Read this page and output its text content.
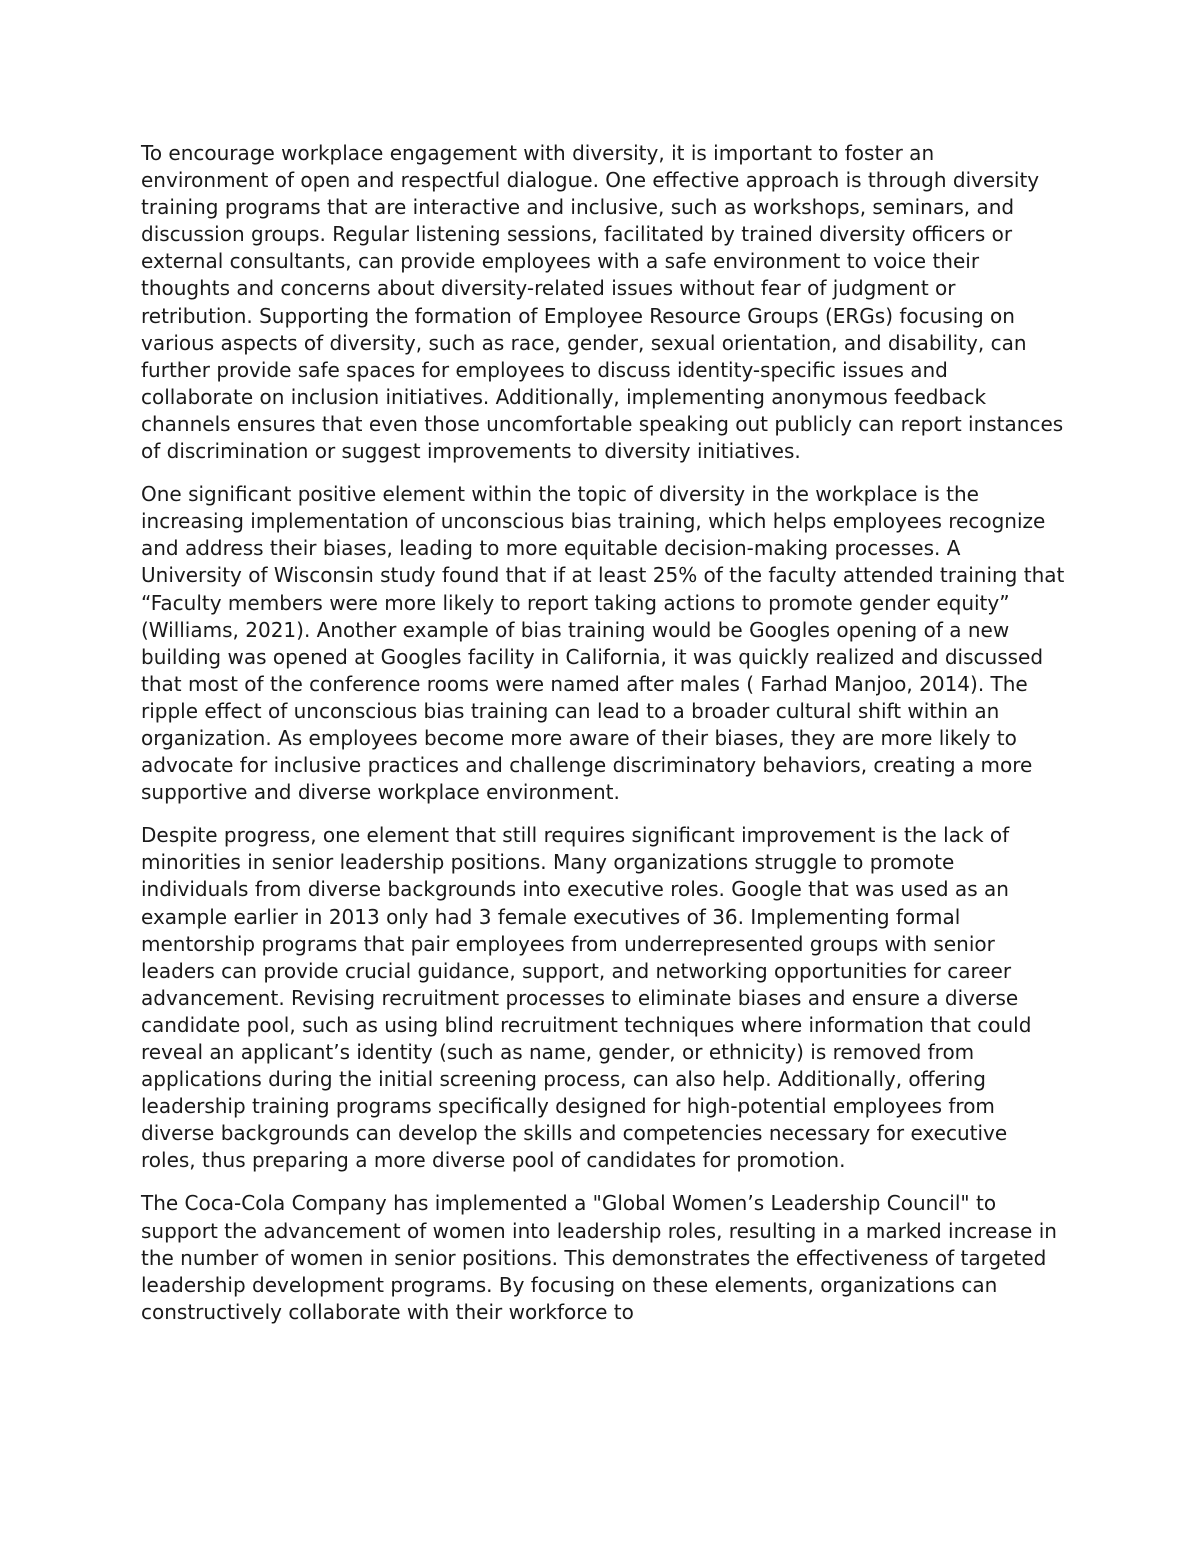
To encourage workplace engagement with diversity, it is important to foster an environment of open and respectful dialogue. One effective approach is through diversity training programs that are interactive and inclusive, such as workshops, seminars, and discussion groups. Regular listening sessions, facilitated by trained diversity officers or external consultants, can provide employees with a safe environment to voice their thoughts and concerns about diversity-related issues without fear of judgment or retribution. Supporting the formation of Employee Resource Groups (ERGs) focusing on various aspects of diversity, such as race, gender, sexual orientation, and disability, can further provide safe spaces for employees to discuss identity-specific issues and collaborate on inclusion initiatives. Additionally, implementing anonymous feedback channels ensures that even those uncomfortable speaking out publicly can report instances of discrimination or suggest improvements to diversity initiatives.

One significant positive element within the topic of diversity in the workplace is the increasing implementation of unconscious bias training, which helps employees recognize and address their biases, leading to more equitable decision-making processes. A University of Wisconsin study found that if at least 25% of the faculty attended training that “Faculty members were more likely to report taking actions to promote gender equity” (Williams, 2021). Another example of bias training would be Googles opening of a new building was opened at Googles facility in California, it was quickly realized and discussed that most of the conference rooms were named after males ( Farhad Manjoo, 2014). The ripple effect of unconscious bias training can lead to a broader cultural shift within an organization. As employees become more aware of their biases, they are more likely to advocate for inclusive practices and challenge discriminatory behaviors, creating a more supportive and diverse workplace environment.

Despite progress, one element that still requires significant improvement is the lack of minorities in senior leadership positions. Many organizations struggle to promote individuals from diverse backgrounds into executive roles. Google that was used as an example earlier in 2013 only had 3 female executives of 36. Implementing formal mentorship programs that pair employees from underrepresented groups with senior leaders can provide crucial guidance, support, and networking opportunities for career advancement. Revising recruitment processes to eliminate biases and ensure a diverse candidate pool, such as using blind recruitment techniques where information that could reveal an applicant’s identity (such as name, gender, or ethnicity) is removed from applications during the initial screening process, can also help. Additionally, offering leadership training programs specifically designed for high-potential employees from diverse backgrounds can develop the skills and competencies necessary for executive roles, thus preparing a more diverse pool of candidates for promotion.

The Coca-Cola Company has implemented a "Global Women’s Leadership Council" to support the advancement of women into leadership roles, resulting in a marked increase in the number of women in senior positions. This demonstrates the effectiveness of targeted leadership development programs. By focusing on these elements, organizations can constructively collaborate with their workforce to
